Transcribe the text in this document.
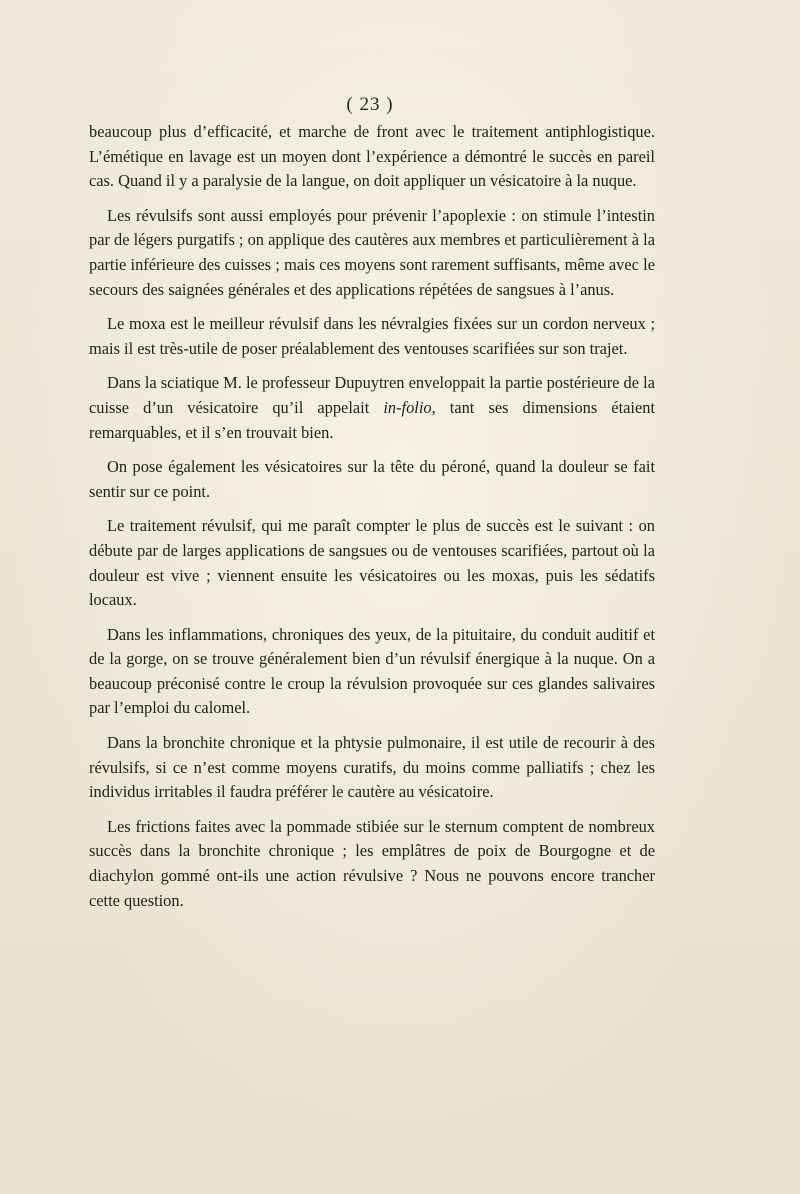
( 23 )

beaucoup plus d’efficacité, et marche de front avec le traitement antiphlogistique. L’émétique en lavage est un moyen dont l’expérience a démontré le succès en pareil cas. Quand il y a paralysie de la langue, on doit appliquer un vésicatoire à la nuque.

Les révulsifs sont aussi employés pour prévenir l’apoplexie : on stimule l’intestin par de légers purgatifs ; on applique des cautères aux membres et particulièrement à la partie inférieure des cuisses ; mais ces moyens sont rarement suffisants, même avec le secours des saignées générales et des applications répétées de sangsues à l’anus.

Le moxa est le meilleur révulsif dans les névralgies fixées sur un cordon nerveux ; mais il est très-utile de poser préalablement des ventouses scarifiées sur son trajet.

Dans la sciatique M. le professeur Dupuytren enveloppait la partie postérieure de la cuisse d’un vésicatoire qu’il appelait in-folio, tant ses dimensions étaient remarquables, et il s’en trouvait bien.

On pose également les vésicatoires sur la tête du péroné, quand la douleur se fait sentir sur ce point.

Le traitement révulsif, qui me paraît compter le plus de succès est le suivant : on débute par de larges applications de sangsues ou de ventouses scarifiées, partout où la douleur est vive ; viennent ensuite les vésicatoires ou les moxas, puis les sédatifs locaux.

Dans les inflammations, chroniques des yeux, de la pituitaire, du conduit auditif et de la gorge, on se trouve généralement bien d’un révulsif énergique à la nuque. On a beaucoup préconisé contre le croup la révulsion provoquée sur ces glandes salivaires par l’emploi du calomel.

Dans la bronchite chronique et la phtysie pulmonaire, il est utile de recourir à des révulsifs, si ce n’est comme moyens curatifs, du moins comme palliatifs ; chez les individus irritables il faudra préférer le cautère au vésicatoire.

Les frictions faites avec la pommade stibiée sur le sternum comptent de nombreux succès dans la bronchite chronique ; les emplâtres de poix de Bourgogne et de diachylon gommé ont-ils une action révulsive ? Nous ne pouvons encore trancher cette question.
